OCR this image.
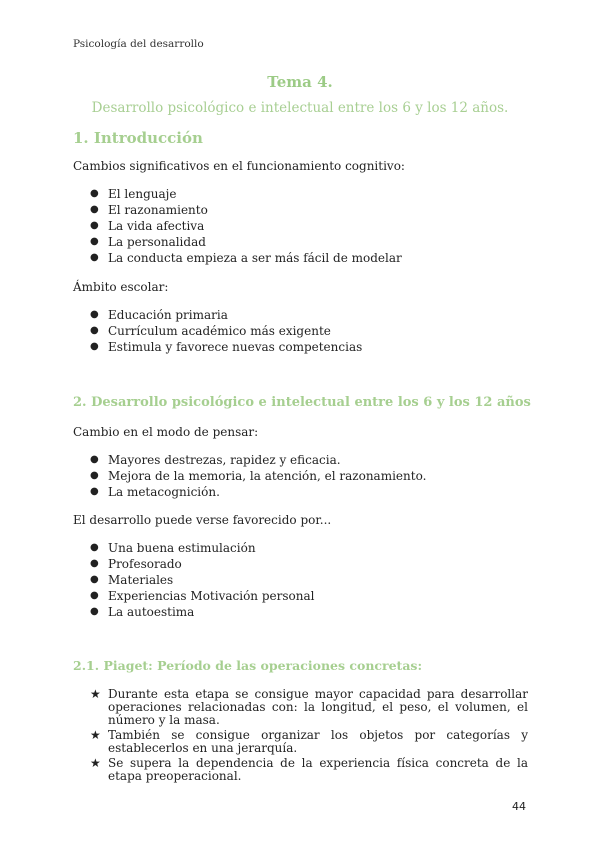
Psicología del desarrollo
Tema 4.
Desarrollo psicológico e intelectual entre los 6 y los 12 años.
1. Introducción
Cambios significativos en el funcionamiento cognitivo:
● El lenguaje
● El razonamiento
● La vida afectiva
● La personalidad
● La conducta empieza a ser más fácil de modelar
Ámbito escolar:
● Educación primaria
● Currículum académico más exigente
● Estimula y favorece nuevas competencias
2. Desarrollo psicológico e intelectual entre los 6 y los 12 años
Cambio en el modo de pensar:
● Mayores destrezas, rapidez y eficacia.
● Mejora de la memoria, la atención, el razonamiento.
● La metacognición.
El desarrollo puede verse favorecido por...
● Una buena estimulación
● Profesorado
● Materiales
● Experiencias Motivación personal
● La autoestima
2.1. Piaget: Período de las operaciones concretas:
★ Durante esta etapa se consigue mayor capacidad para desarrollar operaciones relacionadas con: la longitud, el peso, el volumen, el número y la masa.
★ También se consigue organizar los objetos por categorías y establecerlos en una jerarquía.
★ Se supera la dependencia de la experiencia física concreta de la etapa preoperacional.
44
